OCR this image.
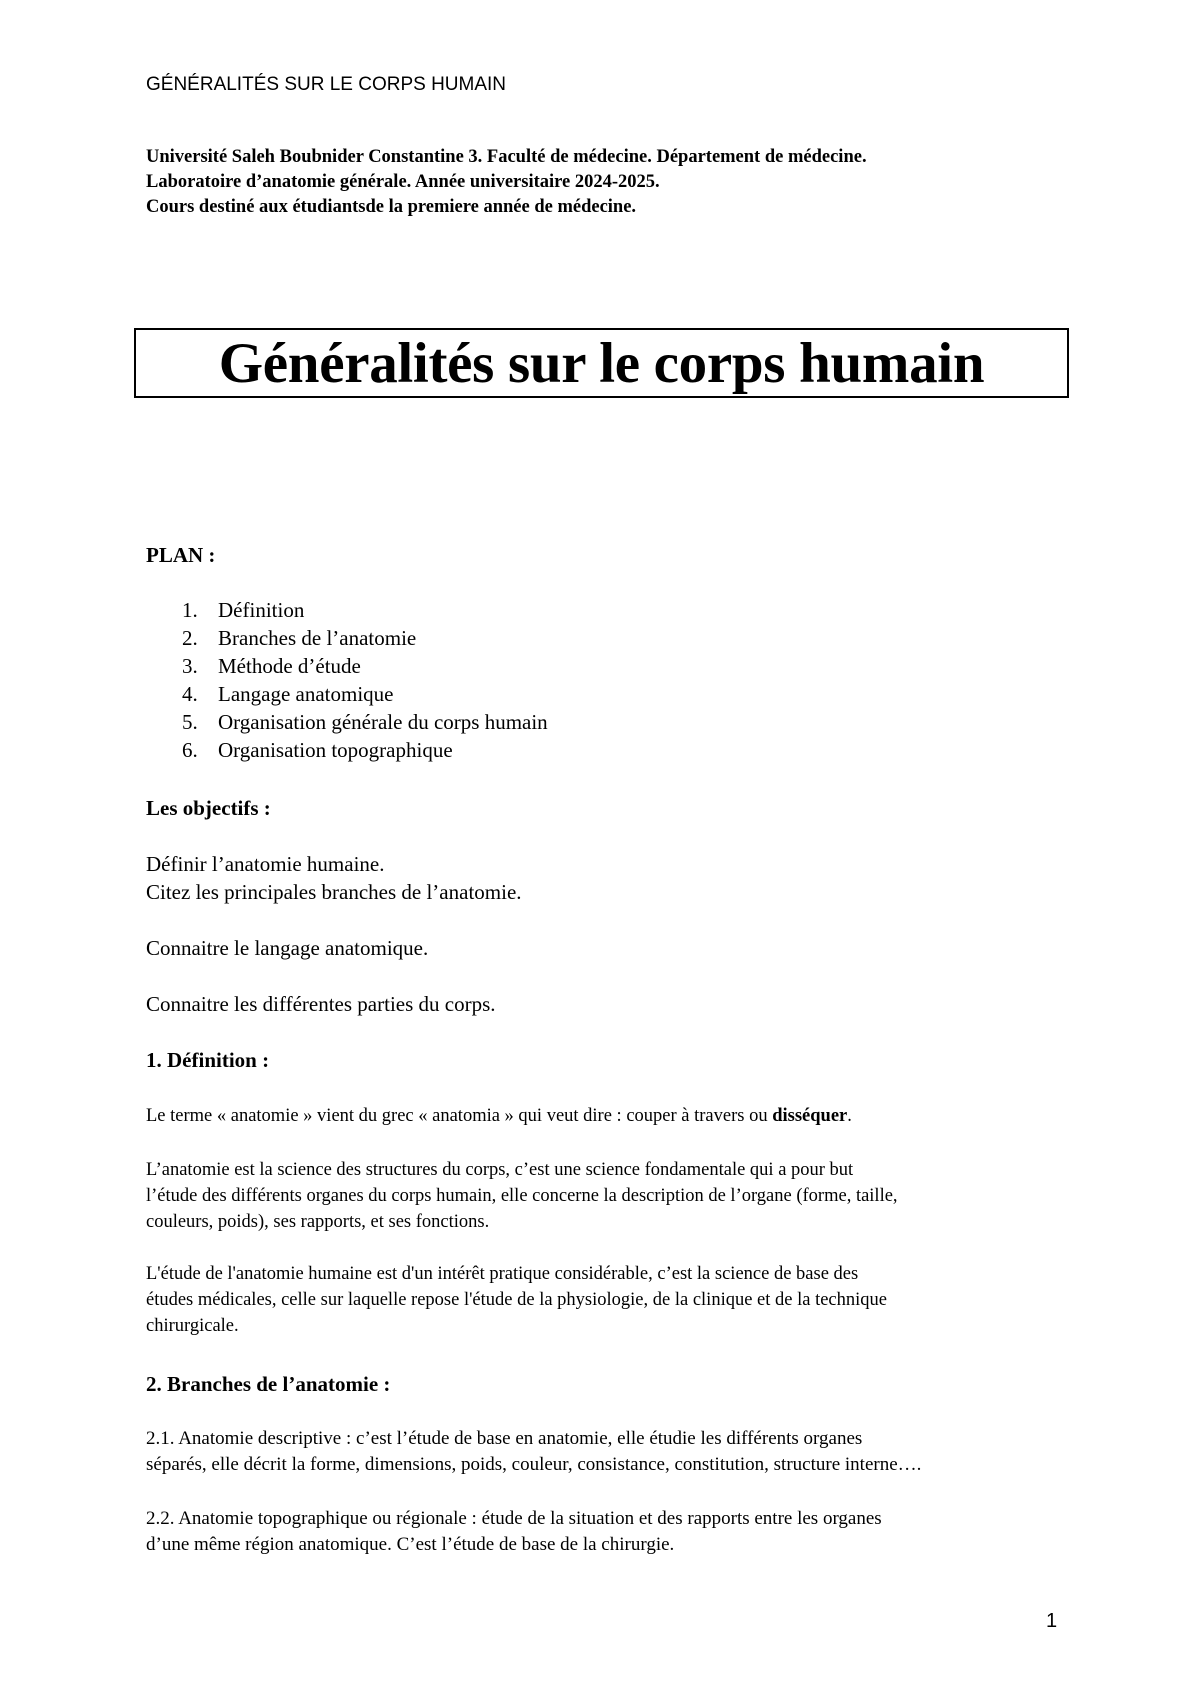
GÉNÉRALITÉS SUR LE CORPS HUMAIN
Université Saleh Boubnider Constantine 3. Faculté de médecine. Département de médecine.
Laboratoire d’anatomie générale. Année universitaire 2024-2025.
Cours destiné aux étudiantsde la premiere année de médecine.
Généralités sur le corps humain
PLAN :
1. Définition
2. Branches de l’anatomie
3. Méthode d’étude
4. Langage anatomique
5. Organisation générale du corps humain
6. Organisation topographique
Les objectifs :
Définir l’anatomie humaine.
Citez les principales branches de l’anatomie.
Connaitre le langage anatomique.
Connaitre les différentes parties du corps.
1. Définition :
Le terme « anatomie » vient du grec « anatomia » qui veut dire : couper à travers ou disséquer.
L’anatomie est la science des structures du corps, c’est une science fondamentale qui a pour but
l’étude des différents organes du corps humain, elle concerne la description de l’organe (forme, taille,
couleurs, poids), ses rapports, et ses fonctions.
L'étude de l'anatomie humaine est d'un intérêt pratique considérable, c’est la science de base des
études médicales, celle sur laquelle repose l'étude de la physiologie, de la clinique et de la technique
chirurgicale.
2. Branches de l’anatomie :
2.1. Anatomie descriptive : c’est l’étude de base en anatomie, elle étudie les différents organes
séparés, elle décrit la forme, dimensions, poids, couleur, consistance, constitution, structure interne….
2.2. Anatomie topographique ou régionale : étude de la situation et des rapports entre les organes
d’une même région anatomique. C’est l’étude de base de la chirurgie.
1
